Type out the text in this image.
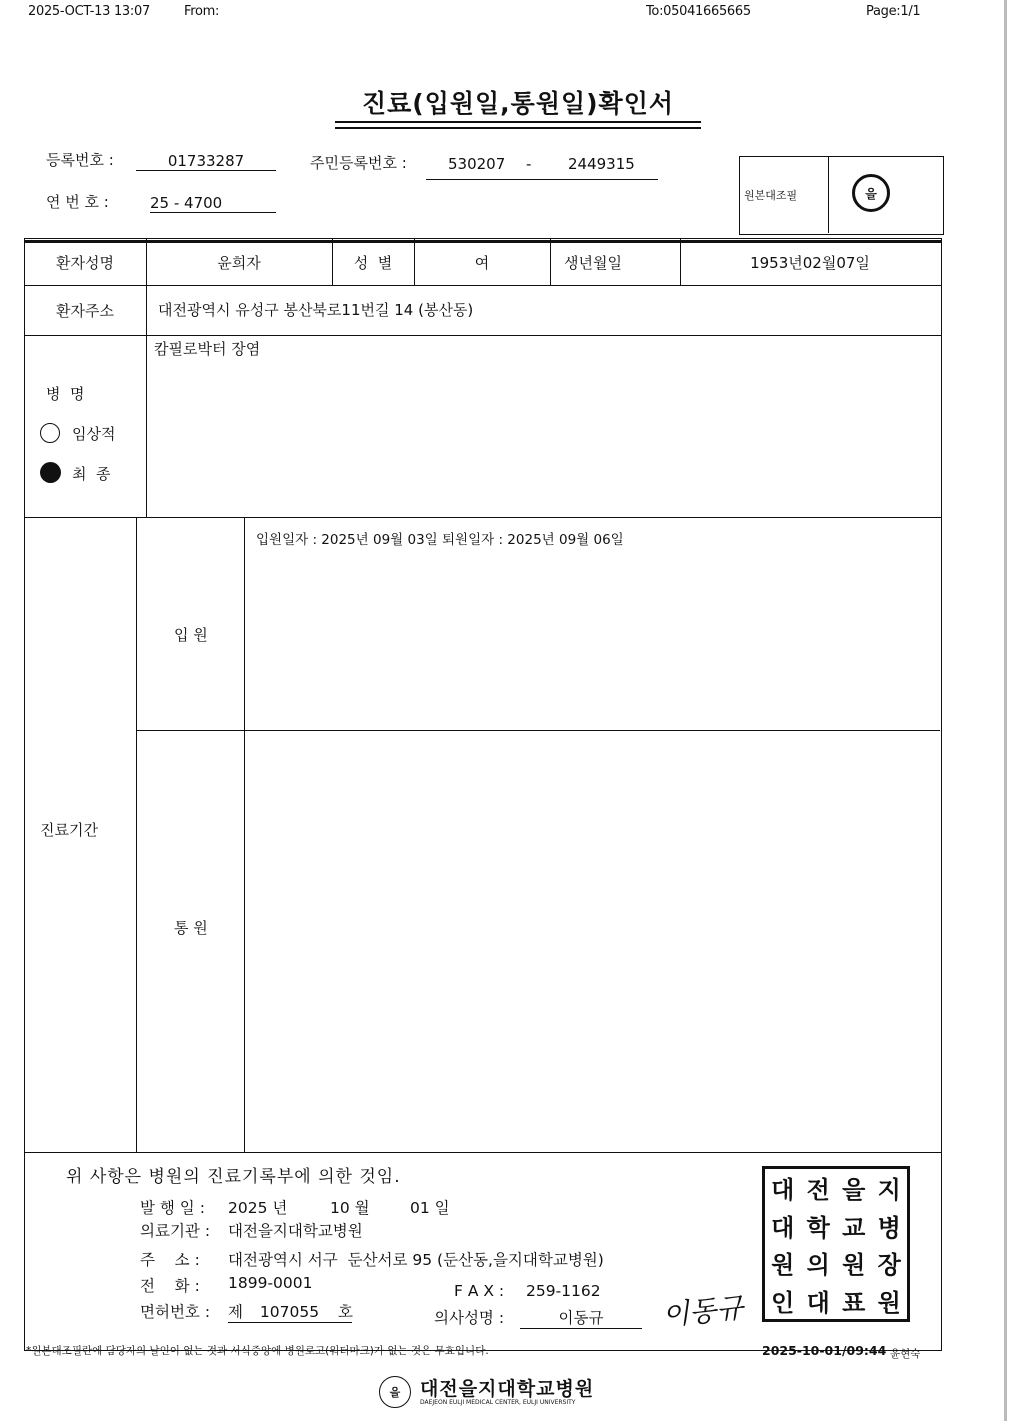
2025-OCT-13 13:07	From:	To:05041665665	Page:1/1
진료(입원일,통원일)확인서
등록번호 :	01733287	주민등록번호 :	530207 - 2449315
연 번 호 :	25 - 4700	원본대조필	을
환자성명	윤희자	성  별	여	생년월일	1953년02월07일
환자주소	대전광역시 유성구 봉산북로11번길 14 (봉산동)
캄필로박터 장염
병  명
임상적
최  종
진료기간
입 원
입원일자 : 2025년 09월 03일 퇴원일자 : 2025년 09월 06일
통 원
위 사항은 병원의 진료기록부에 의한 것임.
발 행 일 : 2025 년	10 월	01 일
의료기관 : 대전을지대학교병원
주    소 : 대전광역시 서구  둔산서로 95 (둔산동,을지대학교병원)
전    화 : 1899-0001	F A X : 259-1162
면허번호 : 제 107055 호	의사성명 :	이동규	이동규
대 전 을 지
대 학 교 병
원 의 원 장
인 대 표 원
*원본대조필란에 담당자의 날인이 없는 것과 서식중앙에 병원로고(워터마크)가 없는 것은 무효입니다.	2025-10-01/09:44 윤현숙
을	대전을지대학교병원
DAEJEON EULJI MEDICAL CENTER, EULJI UNIVERSITY
